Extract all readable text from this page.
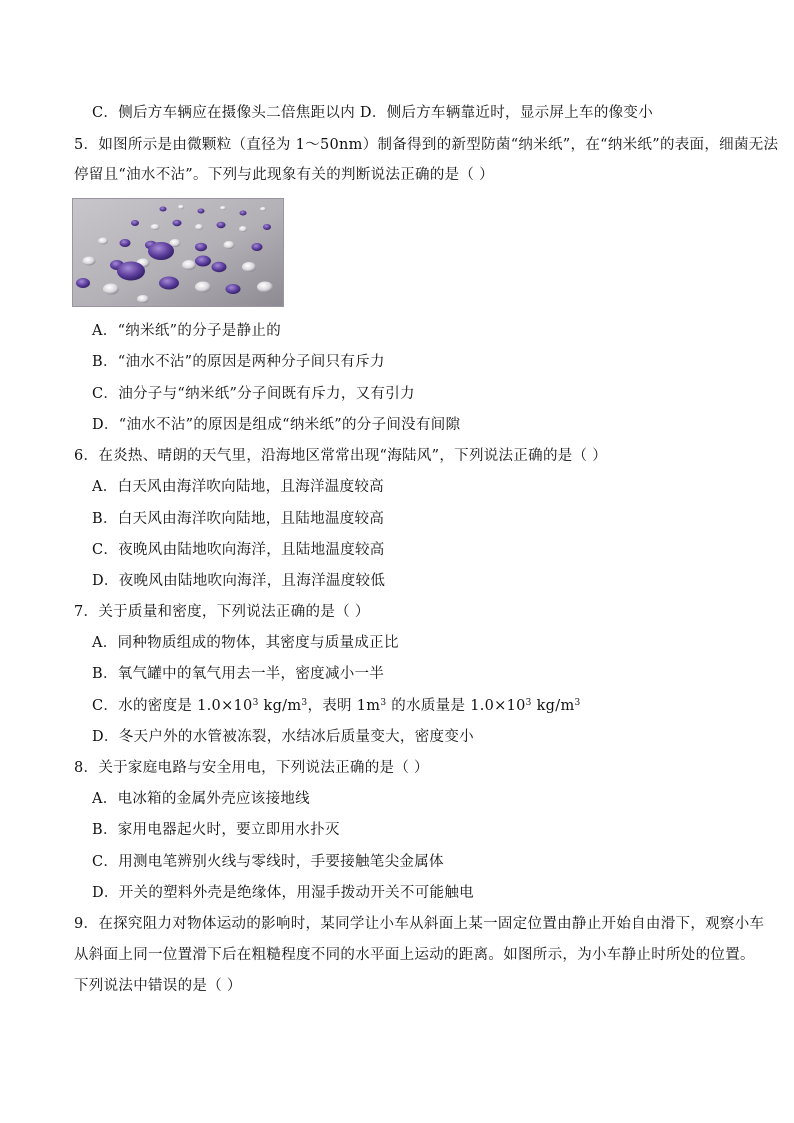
C．侧后方车辆应在摄像头二倍焦距以内 D．侧后方车辆靠近时，显示屏上车的像变小
5．如图所示是由微颗粒（直径为 1～50nm）制备得到的新型防菌“纳米纸”，在“纳米纸”的表面，细菌无法
停留且“油水不沾”。下列与此现象有关的判断说法正确的是（ ）
A．“纳米纸”的分子是静止的
B．“油水不沾”的原因是两种分子间只有斥力
C．油分子与“纳米纸”分子间既有斥力，又有引力
D．“油水不沾”的原因是组成“纳米纸”的分子间没有间隙
6．在炎热、晴朗的天气里，沿海地区常常出现“海陆风”，下列说法正确的是（ ）
A．白天风由海洋吹向陆地，且海洋温度较高
B．白天风由海洋吹向陆地，且陆地温度较高
C．夜晚风由陆地吹向海洋，且陆地温度较高
D．夜晚风由陆地吹向海洋，且海洋温度较低
7．关于质量和密度，下列说法正确的是（ ）
A．同种物质组成的物体，其密度与质量成正比
B．氧气罐中的氧气用去一半，密度减小一半
C．水的密度是 $1.0\times 10^3$ $kg/m^3$，表明 $1m^3$ 的水质量是 $1.0\times 10^3$ $kg/m^3$
D．冬天户外的水管被冻裂，水结冰后质量变大，密度变小
8．关于家庭电路与安全用电，下列说法正确的是（ ）
A．电冰箱的金属外壳应该接地线
B．家用电器起火时，要立即用水扑灭
C．用测电笔辨别火线与零线时，手要接触笔尖金属体
D．开关的塑料外壳是绝缘体，用湿手拨动开关不可能触电
9．在探究阻力对物体运动的影响时，某同学让小车从斜面上某一固定位置由静止开始自由滑下，观察小车
从斜面上同一位置滑下后在粗糙程度不同的水平面上运动的距离。如图所示，为小车静止时所处的位置。
下列说法中错误的是（ ）
